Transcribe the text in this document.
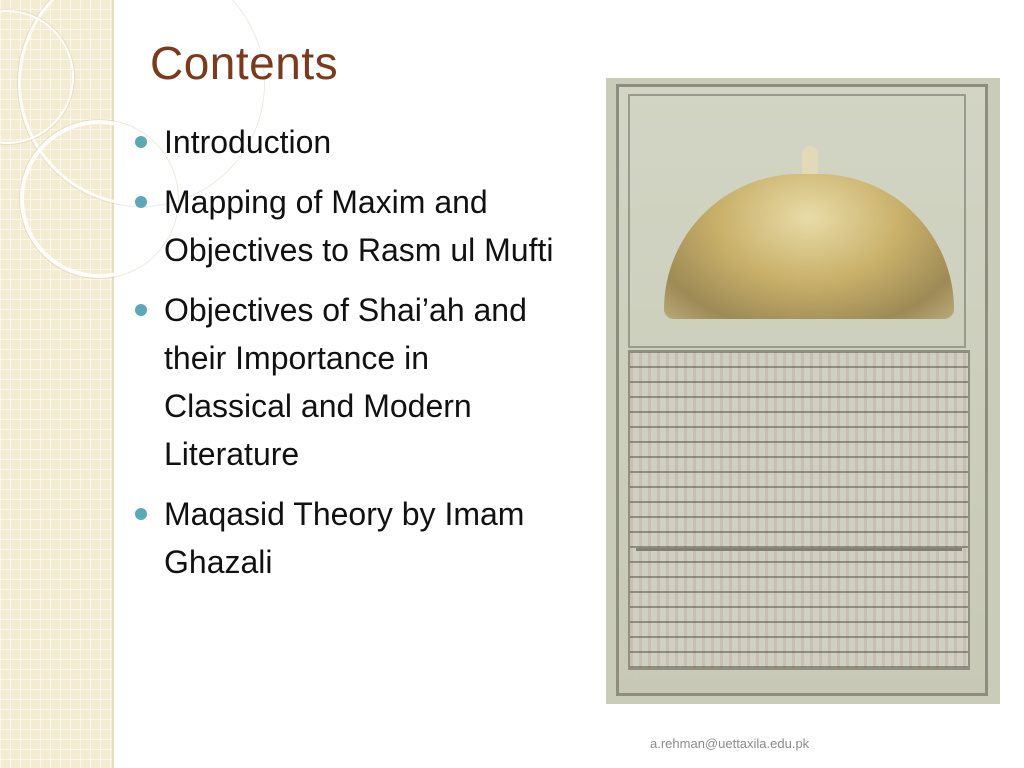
Contents
Introduction
Mapping of Maxim and Objectives to Rasm ul Mufti
Objectives of Shai’ah and their Importance in Classical and Modern Literature
Maqasid Theory by Imam Ghazali
a.rehman@uettaxila.edu.pk
